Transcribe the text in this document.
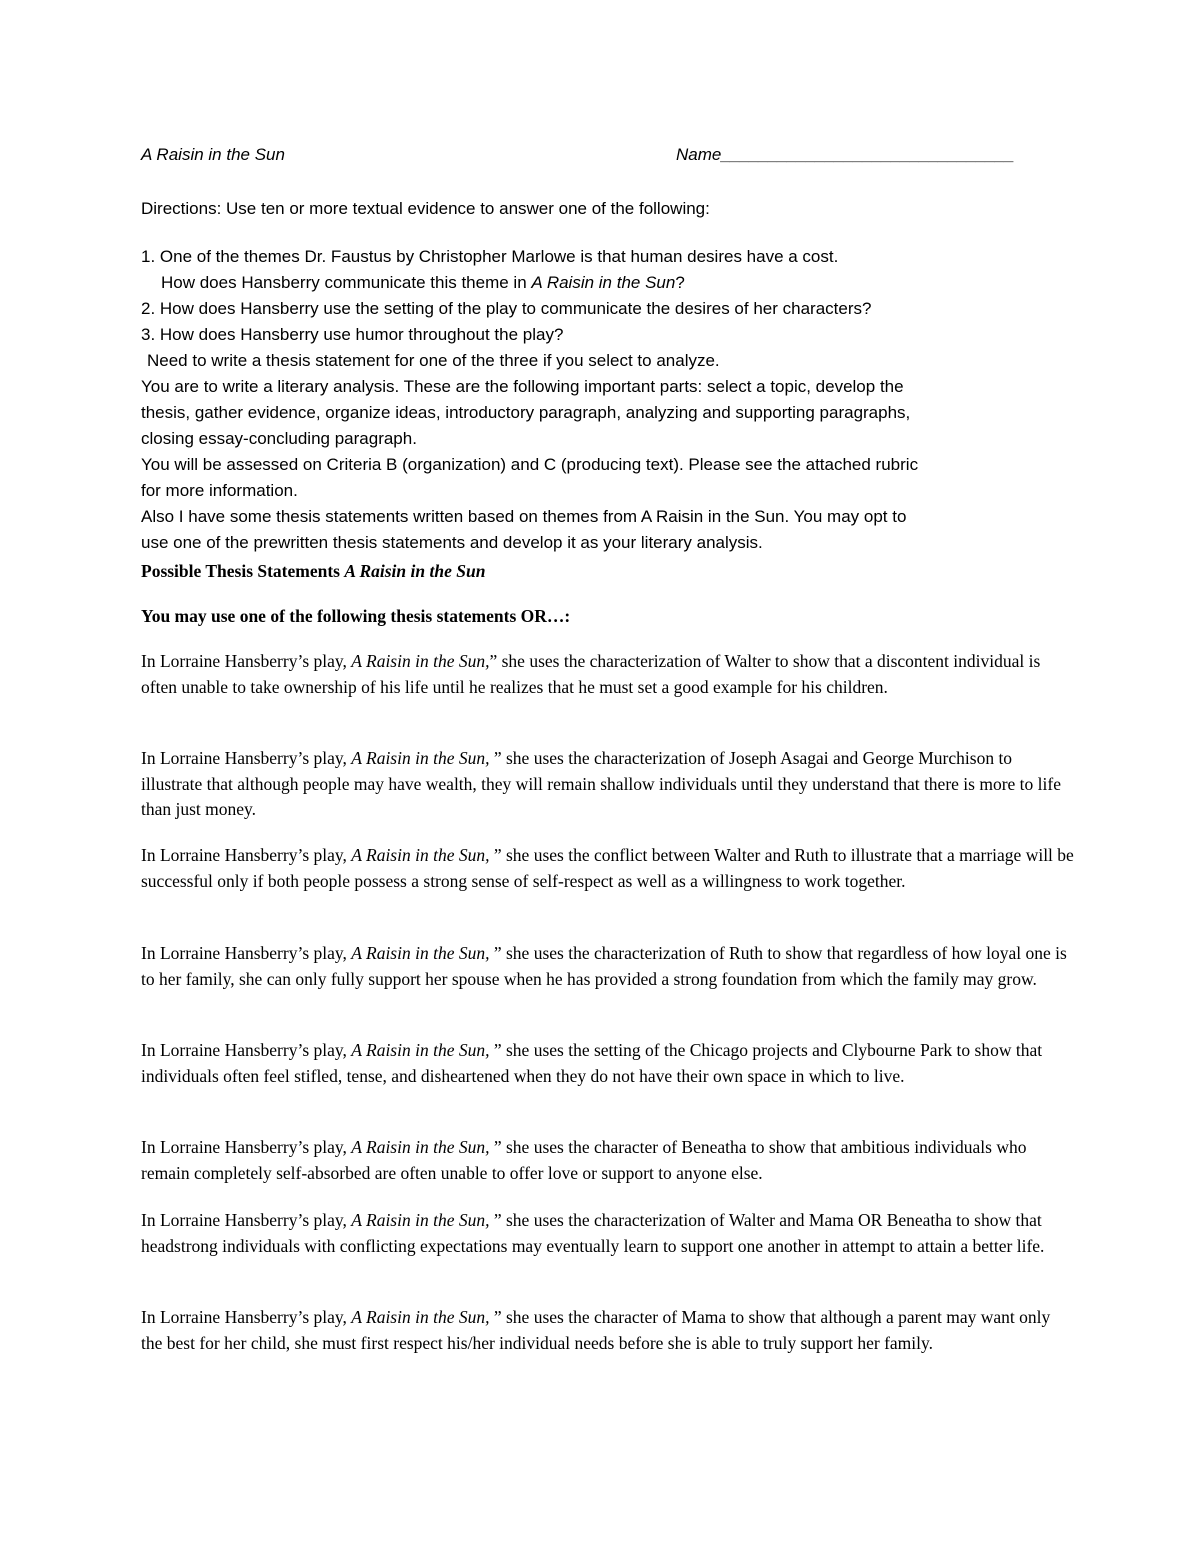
A Raisin in the Sun	Name_______________________________
Directions: Use ten or more textual evidence to answer one of the following:
1. One of the themes Dr. Faustus by Christopher Marlowe is that human desires have a cost.
How does Hansberry communicate this theme in A Raisin in the Sun?
2. How does Hansberry use the setting of the play to communicate the desires of her characters?
3. How does Hansberry use humor throughout the play?
Need to write a thesis statement for one of the three if you select to analyze.
You are to write a literary analysis. These are the following important parts: select a topic, develop the
thesis, gather evidence, organize ideas, introductory paragraph, analyzing and supporting paragraphs,
closing essay-concluding paragraph.
You will be assessed on Criteria B (organization) and C (producing text). Please see the attached rubric
for more information.
Also I have some thesis statements written based on themes from A Raisin in the Sun. You may opt to
use one of the prewritten thesis statements and develop it as your literary analysis.
Possible Thesis Statements A Raisin in the Sun
You may use one of the following thesis statements OR…:

In Lorraine Hansberry’s play, A Raisin in the Sun,” she uses the characterization of Walter to show that a discontent individual is often unable to take ownership of his life until he realizes that he must set a good example for his children.

In Lorraine Hansberry’s play, A Raisin in the Sun, ” she uses the characterization of Joseph Asagai and George Murchison to illustrate that although people may have wealth, they will remain shallow individuals until they understand that there is more to life than just money.

In Lorraine Hansberry’s play, A Raisin in the Sun, ” she uses the conflict between Walter and Ruth to illustrate that a marriage will be successful only if both people possess a strong sense of self-respect as well as a willingness to work together.

In Lorraine Hansberry’s play, A Raisin in the Sun, ” she uses the characterization of Ruth to show that regardless of how loyal one is to her family, she can only fully support her spouse when he has provided a strong foundation from which the family may grow.

In Lorraine Hansberry’s play, A Raisin in the Sun, ” she uses the setting of the Chicago projects and Clybourne Park to show that individuals often feel stifled, tense, and disheartened when they do not have their own space in which to live.

In Lorraine Hansberry’s play, A Raisin in the Sun, ” she uses the character of Beneatha to show that ambitious individuals who remain completely self-absorbed are often unable to offer love or support to anyone else.

In Lorraine Hansberry’s play, A Raisin in the Sun, ” she uses the characterization of Walter and Mama OR Beneatha to show that headstrong individuals with conflicting expectations may eventually learn to support one another in attempt to attain a better life.

In Lorraine Hansberry’s play, A Raisin in the Sun, ” she uses the character of Mama to show that although a parent may want only the best for her child, she must first respect his/her individual needs before she is able to truly support her family.
